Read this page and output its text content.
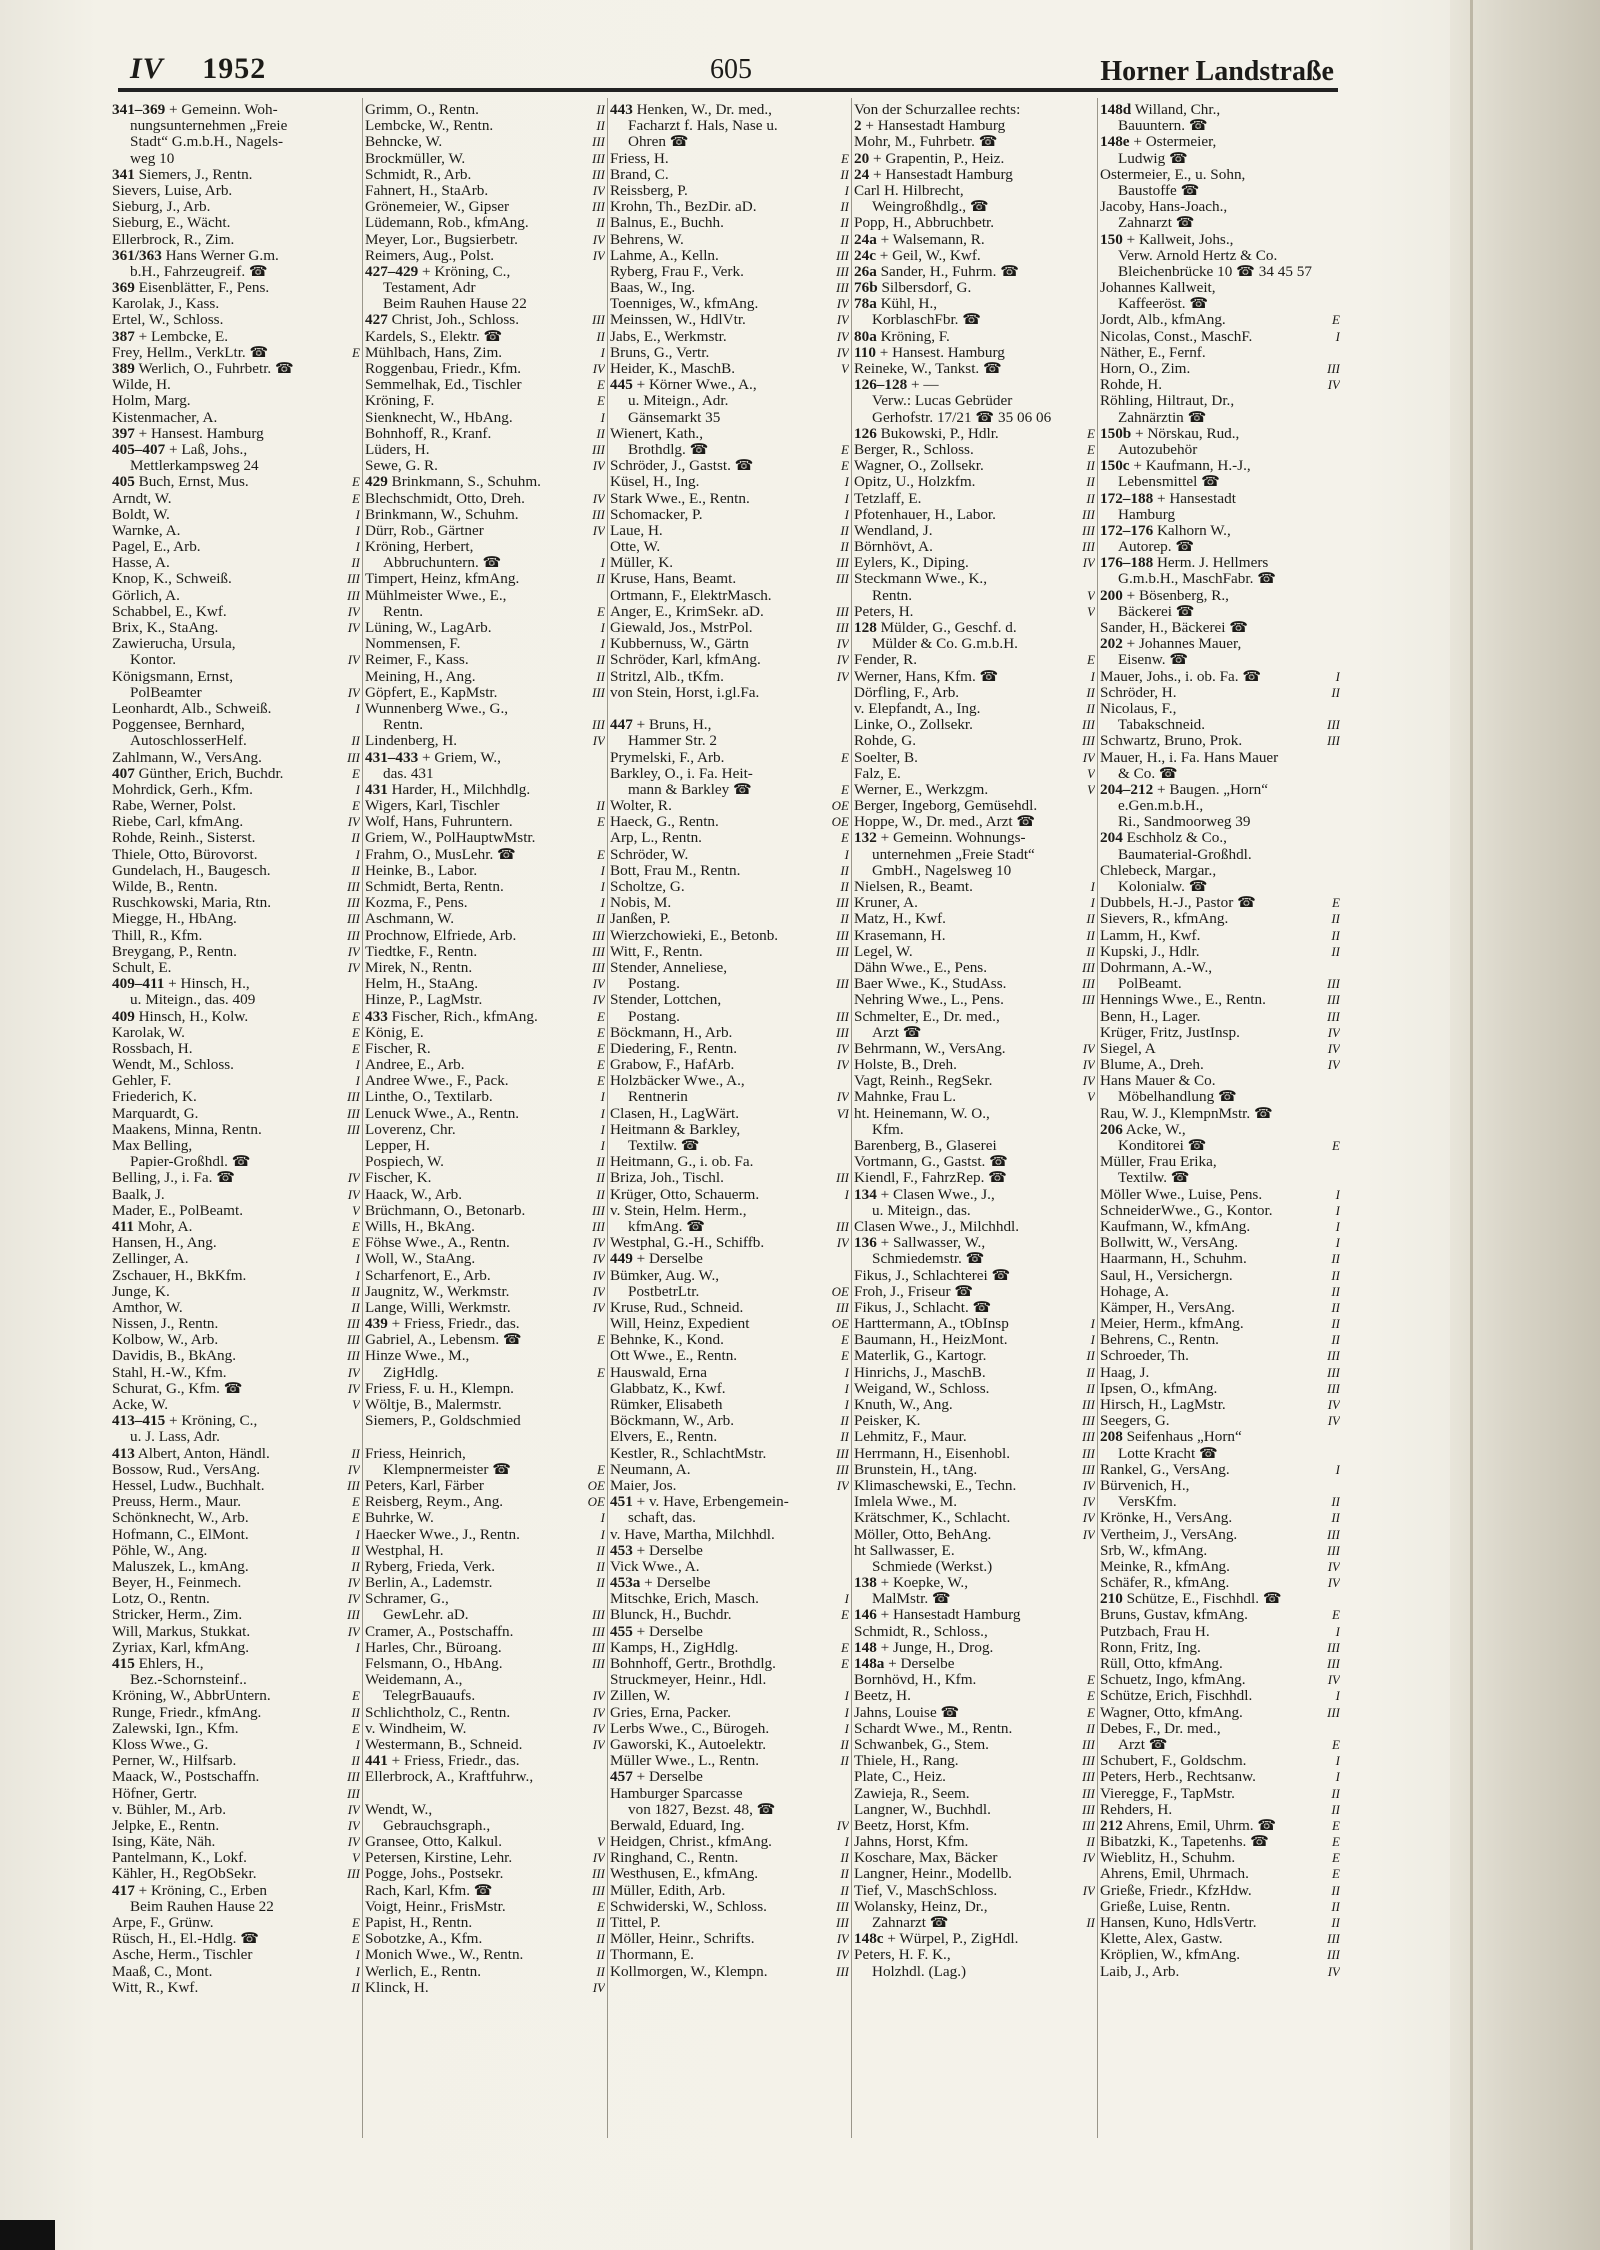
IV 1952	605	Horner Landstraße
341–369 + Gemeinn. Woh-
nungsunternehmen „Freie
Stadt“ G.m.b.H., Nagels-
weg 10
341 Siemers, J., Rentn.
Sievers, Luise, Arb.
Sieburg, J., Arb.
Sieburg, E., Wächt.
Ellerbrock, R., Zim.
361/363 Hans Werner G.m.
b.H., Fahrzeugreif. ☎
369 Eisenblätter, F., Pens.
Karolak, J., Kass.
Ertel, W., Schloss.
387 + Lembcke, E.
Frey, Hellm., VerkLtr. ☎	E
389 Werlich, O., Fuhrbetr. ☎
Wilde, H.
Holm, Marg.
Kistenmacher, A.
397 + Hansest. Hamburg
405–407 + Laß, Johs.,
Mettlerkampsweg 24
405 Buch, Ernst, Mus.	E
Arndt, W.	E
Boldt, W.	I
Warnke, A.	I
Pagel, E., Arb.	I
Hasse, A.	II
Knop, K., Schweiß.	III
Görlich, A.	III
Schabbel, E., Kwf.	IV
Brix, K., StaAng.	IV
Zawierucha, Ursula,
Kontor.	IV
Königsmann, Ernst,
PolBeamter	IV
Leonhardt, Alb., Schweiß.	I
Poggensee, Bernhard,
AutoschlosserHelf.	II
Zahlmann, W., VersAng.	III
407 Günther, Erich, Buchdr.	E
Mohrdick, Gerh., Kfm.	I
Rabe, Werner, Polst.	E
Riebe, Carl, kfmAng.	IV
Rohde, Reinh., Sisterst.	II
Thiele, Otto, Bürovorst.	I
Gundelach, H., Baugesch.	II
Wilde, B., Rentn.	III
Ruschkowski, Maria, Rtn.	III
Miegge, H., HbAng.	III
Thill, R., Kfm.	III
Breygang, P., Rentn.	IV
Schult, E.	IV
409–411 + Hinsch, H.,
u. Miteign., das. 409
409 Hinsch, H., Kolw.	E
Karolak, W.	E
Rossbach, H.	E
Wendt, M., Schloss.	I
Gehler, F.	I
Friederich, K.	III
Marquardt, G.	III
Maakens, Minna, Rentn.	III
Max Belling,
Papier-Großhdl. ☎
Belling, J., i. Fa. ☎	IV
Baalk, J.	IV
Mader, E., PolBeamt.	V
411 Mohr, A.	E
Hansen, H., Ang.	E
Zellinger, A.	I
Zschauer, H., BkKfm.	I
Junge, K.	II
Amthor, W.	II
Nissen, J., Rentn.	III
Kolbow, W., Arb.	III
Davidis, B., BkAng.	III
Stahl, H.-W., Kfm.	IV
Schurat, G., Kfm. ☎	IV
Acke, W.	V
413–415 + Kröning, C.,
u. J. Lass, Adr.
413 Albert, Anton, Händl.	II
Bossow, Rud., VersAng.	IV
Hessel, Ludw., Buchhalt.	III
Preuss, Herm., Maur.	E
Schönknecht, W., Arb.	E
Hofmann, C., ElMont.	I
Pöhle, W., Ang.	II
Maluszek, L., kmAng.	II
Beyer, H., Feinmech.	IV
Lotz, O., Rentn.	IV
Stricker, Herm., Zim.	III
Will, Markus, Stukkat.	IV
Zyriax, Karl, kfmAng.	I
415 Ehlers, H.,
Bez.-Schornsteinf..
Kröning, W., AbbrUntern.	E
Runge, Friedr., kfmAng.	II
Zalewski, Ign., Kfm.	E
Kloss Wwe., G.	I
Perner, W., Hilfsarb.	II
Maack, W., Postschaffn.	III
Höfner, Gertr.	III
v. Bühler, M., Arb.	IV
Jelpke, E., Rentn.	IV
Ising, Käte, Näh.	IV
Pantelmann, K., Lokf.	V
Kähler, H., RegObSekr.	III
417 + Kröning, C., Erben
Beim Rauhen Hause 22
Arpe, F., Grünw.	E
Rüsch, H., El.-Hdlg. ☎	E
Asche, Herm., Tischler	I
Maaß, C., Mont.	I
Witt, R., Kwf.	II
Grimm, O., Rentn.	II
Lembcke, W., Rentn.	II
Behncke, W.	III
Brockmüller, W.	III
Schmidt, R., Arb.	III
Fahnert, H., StaArb.	IV
Grönemeier, W., Gipser	III
Lüdemann, Rob., kfmAng.	II
Meyer, Lor., Bugsierbetr.	IV
Reimers, Aug., Polst.	IV
427–429 + Kröning, C.,
Testament, Adr
Beim Rauhen Hause 22
427 Christ, Joh., Schloss.	III
Kardels, S., Elektr. ☎	II
Mühlbach, Hans, Zim.	I
Roggenbau, Friedr., Kfm.	IV
Semmelhak, Ed., Tischler	E
Kröning, F.	E
Sienknecht, W., HbAng.	I
Bohnhoff, R., Kranf.	II
Lüders, H.	III
Sewe, G. R.	IV
429 Brinkmann, S., Schuhm.
Blechschmidt, Otto, Dreh.	IV
Brinkmann, W., Schuhm.	III
Dürr, Rob., Gärtner	IV
Kröning, Herbert,
Abbruchuntern. ☎	I
Timpert, Heinz, kfmAng.	II
Mühlmeister Wwe., E.,
Rentn.	E
Lüning, W., LagArb.	I
Nommensen, F.	I
Reimer, F., Kass.	II
Meining, H., Ang.	II
Göpfert, E., KapMstr.	III
Wunnenberg Wwe., G.,
Rentn.	III
Lindenberg, H.	IV
431–433 + Griem, W.,
das. 431
431 Harder, H., Milchhdlg.
Wigers, Karl, Tischler	II
Wolf, Hans, Fuhruntern.	E
Griem, W., PolHauptwMstr.
Frahm, O., MusLehr. ☎	E
Heinke, B., Labor.	I
Schmidt, Berta, Rentn.	I
Kozma, F., Pens.	I
Aschmann, W.	II
Prochnow, Elfriede, Arb.	III
Tiedtke, F., Rentn.	III
Mirek, N., Rentn.	III
Helm, H., StaAng.	IV
Hinze, P., LagMstr.	IV
433 Fischer, Rich., kfmAng.	E
König, E.	E
Fischer, R.	E
Andree, E., Arb.	E
Andree Wwe., F., Pack.	E
Linthe, O., Textilarb.	I
Lenuck Wwe., A., Rentn.	I
Loverenz, Chr.	I
Lepper, H.	I
Pospiech, W.	II
Fischer, K.	II
Haack, W., Arb.	II
Brüchmann, O., Betonarb.	III
Wills, H., BkAng.	III
Föhse Wwe., A., Rentn.	IV
Woll, W., StaAng.	IV
Scharfenort, E., Arb.	IV
Jaugnitz, W., Werkmstr.	IV
Lange, Willi, Werkmstr.	IV
439 + Friess, Friedr., das.
Gabriel, A., Lebensm. ☎	E
Hinze Wwe., M.,
ZigHdlg.	E
Friess, F. u. H., Klempn.
Wöltje, B., Malermstr.
Siemers, P., Goldschmied
Friess, Heinrich,
Klempnermeister ☎	E
Peters, Karl, Färber	OE
Reisberg, Reym., Ang.	OE
Buhrke, W.	I
Haecker Wwe., J., Rentn.	I
Westphal, H.	II
Ryberg, Frieda, Verk.	II
Berlin, A., Lademstr.	II
Schramer, G.,
GewLehr. aD.	III
Cramer, A., Postschaffn.	III
Harles, Chr., Büroang.	III
Felsmann, O., HbAng.	III
Weidemann, A.,
TelegrBauaufs.	IV
Schlichtholz, C., Rentn.	IV
v. Windheim, W.	IV
Westermann, B., Schneid.	IV
441 + Friess, Friedr., das.
Ellerbrock, A., Kraftfuhrw.,
Wendt, W.,
Gebrauchsgraph.,
Gransee, Otto, Kalkul.	V
Petersen, Kirstine, Lehr.	IV
Pogge, Johs., Postsekr.	III
Rach, Karl, Kfm. ☎	III
Voigt, Heinr., FrisMstr.	E
Papist, H., Rentn.	II
Sobotzke, A., Kfm.	II
Monich Wwe., W., Rentn.	II
Werlich, E., Rentn.	II
Klinck, H.	IV
443 Henken, W., Dr. med.,
Facharzt f. Hals, Nase u.
Ohren ☎
Friess, H.	E
Brand, C.	II
Reissberg, P.	I
Krohn, Th., BezDir. aD.	II
Balnus, E., Buchh.	II
Behrens, W.	II
Lahme, A., Kelln.	III
Ryberg, Frau F., Verk.	III
Baas, W., Ing.	III
Toenniges, W., kfmAng.	IV
Meinssen, W., HdlVtr.	IV
Jabs, E., Werkmstr.	IV
Bruns, G., Vertr.	IV
Heider, K., MaschB.	V
445 + Körner Wwe., A.,
u. Miteign., Adr.
Gänsemarkt 35
Wienert, Kath.,
Brothdlg. ☎	E
Schröder, J., Gastst. ☎	E
Küsel, H., Ing.	I
Stark Wwe., E., Rentn.	I
Schomacker, P.	I
Laue, H.	II
Otte, W.	II
Müller, K.	III
Kruse, Hans, Beamt.	III
Ortmann, F., ElektrMasch.
Anger, E., KrimSekr. aD.	III
Giewald, Jos., MstrPol.	III
Kubbernuss, W., Gärtn	IV
Schröder, Karl, kfmAng.	IV
Stritzl, Alb., tKfm.	IV
von Stein, Horst, i.gl.Fa.
447 + Bruns, H.,
Hammer Str. 2
Prymelski, F., Arb.	E
Barkley, O., i. Fa. Heit-
mann & Barkley ☎	E
Wolter, R.	OE
Haeck, G., Rentn.	OE
Arp, L., Rentn.	E
Schröder, W.	I
Bott, Frau M., Rentn.	II
Scholtze, G.	II
Nobis, M.	III
Janßen, P.	II
Wierzchowieki, E., Betonb.	III
Witt, F., Rentn.	III
Stender, Anneliese,
Postang.	III
Stender, Lottchen,
Postang.	III
Böckmann, H., Arb.	III
Diedering, F., Rentn.	IV
Grabow, F., HafArb.	IV
Holzbäcker Wwe., A.,
Rentnerin	IV
Clasen, H., LagWärt.	VI
Heitmann & Barkley,
Textilw. ☎
Heitmann, G., i. ob. Fa.
Briza, Joh., Tischl.	III
Krüger, Otto, Schauerm.	I
v. Stein, Helm. Herm.,
kfmAng. ☎	III
Westphal, G.-H., Schiffb.	IV
449 + Derselbe
Bümker, Aug. W.,
PostbetrLtr.	OE
Kruse, Rud., Schneid.	III
Will, Heinz, Expedient	OE
Behnke, K., Kond.	E
Ott Wwe., E., Rentn.	E
Hauswald, Erna	I
Glabbatz, K., Kwf.	I
Rümker, Elisabeth	I
Böckmann, W., Arb.	II
Elvers, E., Rentn.	II
Kestler, R., SchlachtMstr.	III
Neumann, A.	III
Maier, Jos.	IV
451 + v. Have, Erbengemein-
schaft, das.
v. Have, Martha, Milchhdl.
453 + Derselbe
Vick Wwe., A.
453a + Derselbe
Mitschke, Erich, Masch.	I
Blunck, H., Buchdr.	E
455 + Derselbe
Kamps, H., ZigHdlg.	E
Bohnhoff, Gertr., Brothdlg.	E
Struckmeyer, Heinr., Hdl.
Zillen, W.	I
Gries, Erna, Packer.	I
Lerbs Wwe., C., Bürogeh.	I
Gaworski, K., Autoelektr.	II
Müller Wwe., L., Rentn.	II
457 + Derselbe
Hamburger Sparcasse
von 1827, Bezst. 48, ☎
Berwald, Eduard, Ing.	IV
Heidgen, Christ., kfmAng.	I
Ringhand, C., Rentn.	II
Westhusen, E., kfmAng.	II
Müller, Edith, Arb.	II
Schwiderski, W., Schloss.	III
Tittel, P.	III
Möller, Heinr., Schrifts.	IV
Thormann, E.	IV
Kollmorgen, W., Klempn.	III
Von der Schurzallee rechts:
2 + Hansestadt Hamburg
Mohr, M., Fuhrbetr. ☎
20 + Grapentin, P., Heiz.
24 + Hansestadt Hamburg
Carl H. Hilbrecht,
Weingroßhdlg., ☎
Popp, H., Abbruchbetr.
24a + Walsemann, R.
24c + Geil, W., Kwf.
26a Sander, H., Fuhrm. ☎
76b Silbersdorf, G.
78a Kühl, H.,
KorblaschFbr. ☎
80a Kröning, F.
110 + Hansest. Hamburg
Reineke, W., Tankst. ☎
126–128 + —
Verw.: Lucas Gebrüder
Gerhofstr. 17/21 ☎ 35 06 06
126 Bukowski, P., Hdlr.	E
Berger, R., Schloss.	E
Wagner, O., Zollsekr.	II
Opitz, U., Holzkfm.	II
Tetzlaff, E.	II
Pfotenhauer, H., Labor.	III
Wendland, J.	III
Börnhövt, A.	III
Eylers, K., Diping.	IV
Steckmann Wwe., K.,
Rentn.	V
Peters, H.	V
128 Mülder, G., Geschf. d.
Mülder & Co. G.m.b.H.
Fender, R.	E
Werner, Hans, Kfm. ☎	I
Dörfling, F., Arb.	II
v. Elepfandt, A., Ing.	II
Linke, O., Zollsekr.	III
Rohde, G.	III
Soelter, B.	IV
Falz, E.	V
Werner, E., Werkzgm.	V
Berger, Ingeborg, Gemüsehdl.
Hoppe, W., Dr. med., Arzt ☎
132 + Gemeinn. Wohnungs-
unternehmen „Freie Stadt“
GmbH., Nagelsweg 10
Nielsen, R., Beamt.	I
Kruner, A.	I
Matz, H., Kwf.	II
Krasemann, H.	II
Legel, W.	II
Dähn Wwe., E., Pens.	III
Baer Wwe., K., StudAss.	III
Nehring Wwe., L., Pens.	III
Schmelter, E., Dr. med.,
Arzt ☎
Behrmann, W., VersAng.	IV
Holste, B., Dreh.	IV
Vagt, Reinh., RegSekr.	IV
Mahnke, Frau L.	V
ht. Heinemann, W. O.,
Kfm.
Barenberg, B., Glaserei
Vortmann, G., Gastst. ☎
Kiendl, F., FahrzRep. ☎
134 + Clasen Wwe., J.,
u. Miteign., das.
Clasen Wwe., J., Milchhdl.
136 + Sallwasser, W.,
Schmiedemstr. ☎
Fikus, J., Schlachterei ☎
Froh, J., Friseur ☎
Fikus, J., Schlacht. ☎
Harttermann, A., tObInsp	I
Baumann, H., HeizMont.	I
Materlik, G., Kartogr.	II
Hinrichs, J., MaschB.	II
Weigand, W., Schloss.	II
Knuth, W., Ang.	III
Peisker, K.	III
Lehmitz, F., Maur.	III
Herrmann, H., Eisenhobl.	III
Brunstein, H., tAng.	III
Klimaschewski, E., Techn.	IV
Imlela Wwe., M.	IV
Krätschmer, K., Schlacht.	IV
Möller, Otto, BehAng.	IV
ht Sallwasser, E.
Schmiede (Werkst.)
138 + Koepke, W.,
MalMstr. ☎
146 + Hansestadt Hamburg
Schmidt, R., Schloss.,
148 + Junge, H., Drog.
148a + Derselbe
Bornhövd, H., Kfm.	E
Beetz, H.	E
Jahns, Louise ☎	E
Schardt Wwe., M., Rentn.	II
Schwanbek, G., Stem.	III
Thiele, H., Rang.	III
Plate, C., Heiz.	III
Zawieja, R., Seem.	III
Langner, W., Buchhdl.	III
Beetz, Horst, Kfm.	III
Jahns, Horst, Kfm.	II
Koschare, Max, Bäcker	IV
Langner, Heinr., Modellb.
Tief, V., MaschSchloss.	IV
Wolansky, Heinz, Dr.,
Zahnarzt ☎	II
148c + Würpel, P., ZigHdl.
Peters, H. F. K.,
Holzhdl. (Lag.)
148d Willand, Chr.,
Bauuntern. ☎
148e + Ostermeier,
Ludwig ☎
Ostermeier, E., u. Sohn,
Baustoffe ☎
Jacoby, Hans-Joach.,
Zahnarzt ☎
150 + Kallweit, Johs.,
Verw. Arnold Hertz & Co.
Bleichenbrücke 10 ☎ 34 45 57
Johannes Kallweit,
Kaffeeröst. ☎
Jordt, Alb., kfmAng.	E
Nicolas, Const., MaschF.	I
Näther, E., Fernf.
Horn, O., Zim.	III
Rohde, H.	IV
Röhling, Hiltraut, Dr.,
Zahnärztin ☎
150b + Nörskau, Rud.,
Autozubehör
150c + Kaufmann, H.-J.,
Lebensmittel ☎
172–188 + Hansestadt
Hamburg
172–176 Kalhorn W.,
Autorep. ☎
176–188 Herm. J. Hellmers
G.m.b.H., MaschFabr. ☎
200 + Bösenberg, R.,
Bäckerei ☎
Sander, H., Bäckerei ☎
202 + Johannes Mauer,
Eisenw. ☎
Mauer, Johs., i. ob. Fa. ☎	I
Schröder, H.	II
Nicolaus, F.,
Tabakschneid.	III
Schwartz, Bruno, Prok.	III
Mauer, H., i. Fa. Hans Mauer
& Co. ☎
204–212 + Baugen. „Horn“
e.Gen.m.b.H.,
Ri., Sandmoorweg 39
204 Eschholz & Co.,
Baumaterial-Großhdl.
Chlebeck, Margar.,
Kolonialw. ☎
Dubbels, H.-J., Pastor ☎	E
Sievers, R., kfmAng.	II
Lamm, H., Kwf.	II
Kupski, J., Hdlr.	II
Dohrmann, A.-W.,
PolBeamt.	III
Hennings Wwe., E., Rentn.	III
Benn, H., Lager.	III
Krüger, Fritz, JustInsp.	IV
Siegel, A	IV
Blume, A., Dreh.	IV
Hans Mauer & Co.
Möbelhandlung ☎
Rau, W. J., KlempnMstr. ☎
206 Acke, W.,
Konditorei ☎	E
Müller, Frau Erika,
Textilw. ☎
Möller Wwe., Luise, Pens.	I
SchneiderWwe., G., Kontor.	I
Kaufmann, W., kfmAng.	I
Bollwitt, W., VersAng.	I
Haarmann, H., Schuhm.	II
Saul, H., Versichergn.	II
Hohage, A.	II
Kämper, H., VersAng.	II
Meier, Herm., kfmAng.	II
Behrens, C., Rentn.	II
Schroeder, Th.	III
Haag, J.	III
Ipsen, O., kfmAng.	III
Hirsch, H., LagMstr.	IV
Seegers, G.	IV
208 Seifenhaus „Horn“
Lotte Kracht ☎
Rankel, G., VersAng.	I
Bürvenich, H.,
VersKfm.	II
Krönke, H., VersAng.	II
Vertheim, J., VersAng.	III
Srb, W., kfmAng.	III
Meinke, R., kfmAng.	IV
Schäfer, R., kfmAng.	IV
210 Schütze, E., Fischhdl. ☎
Bruns, Gustav, kfmAng.	E
Putzbach, Frau H.	I
Ronn, Fritz, Ing.	III
Rüll, Otto, kfmAng.	III
Schuetz, Ingo, kfmAng.	IV
Schütze, Erich, Fischhdl.	I
Wagner, Otto, kfmAng.	III
Debes, F., Dr. med.,
Arzt ☎	E
Schubert, F., Goldschm.	I
Peters, Herb., Rechtsanw.	I
Vieregge, F., TapMstr.	II
Rehders, H.	II
212 Ahrens, Emil, Uhrm. ☎	E
Bibatzki, K., Tapetenhs. ☎	E
Wieblitz, H., Schuhm.	E
Ahrens, Emil, Uhrmach.	E
Grieße, Friedr., KfzHdw.	II
Grieße, Luise, Rentn.	II
Hansen, Kuno, HdlsVertr.	II
Klette, Alex, Gastw.	III
Kröplien, W., kfmAng.	III
Laib, J., Arb.	IV
